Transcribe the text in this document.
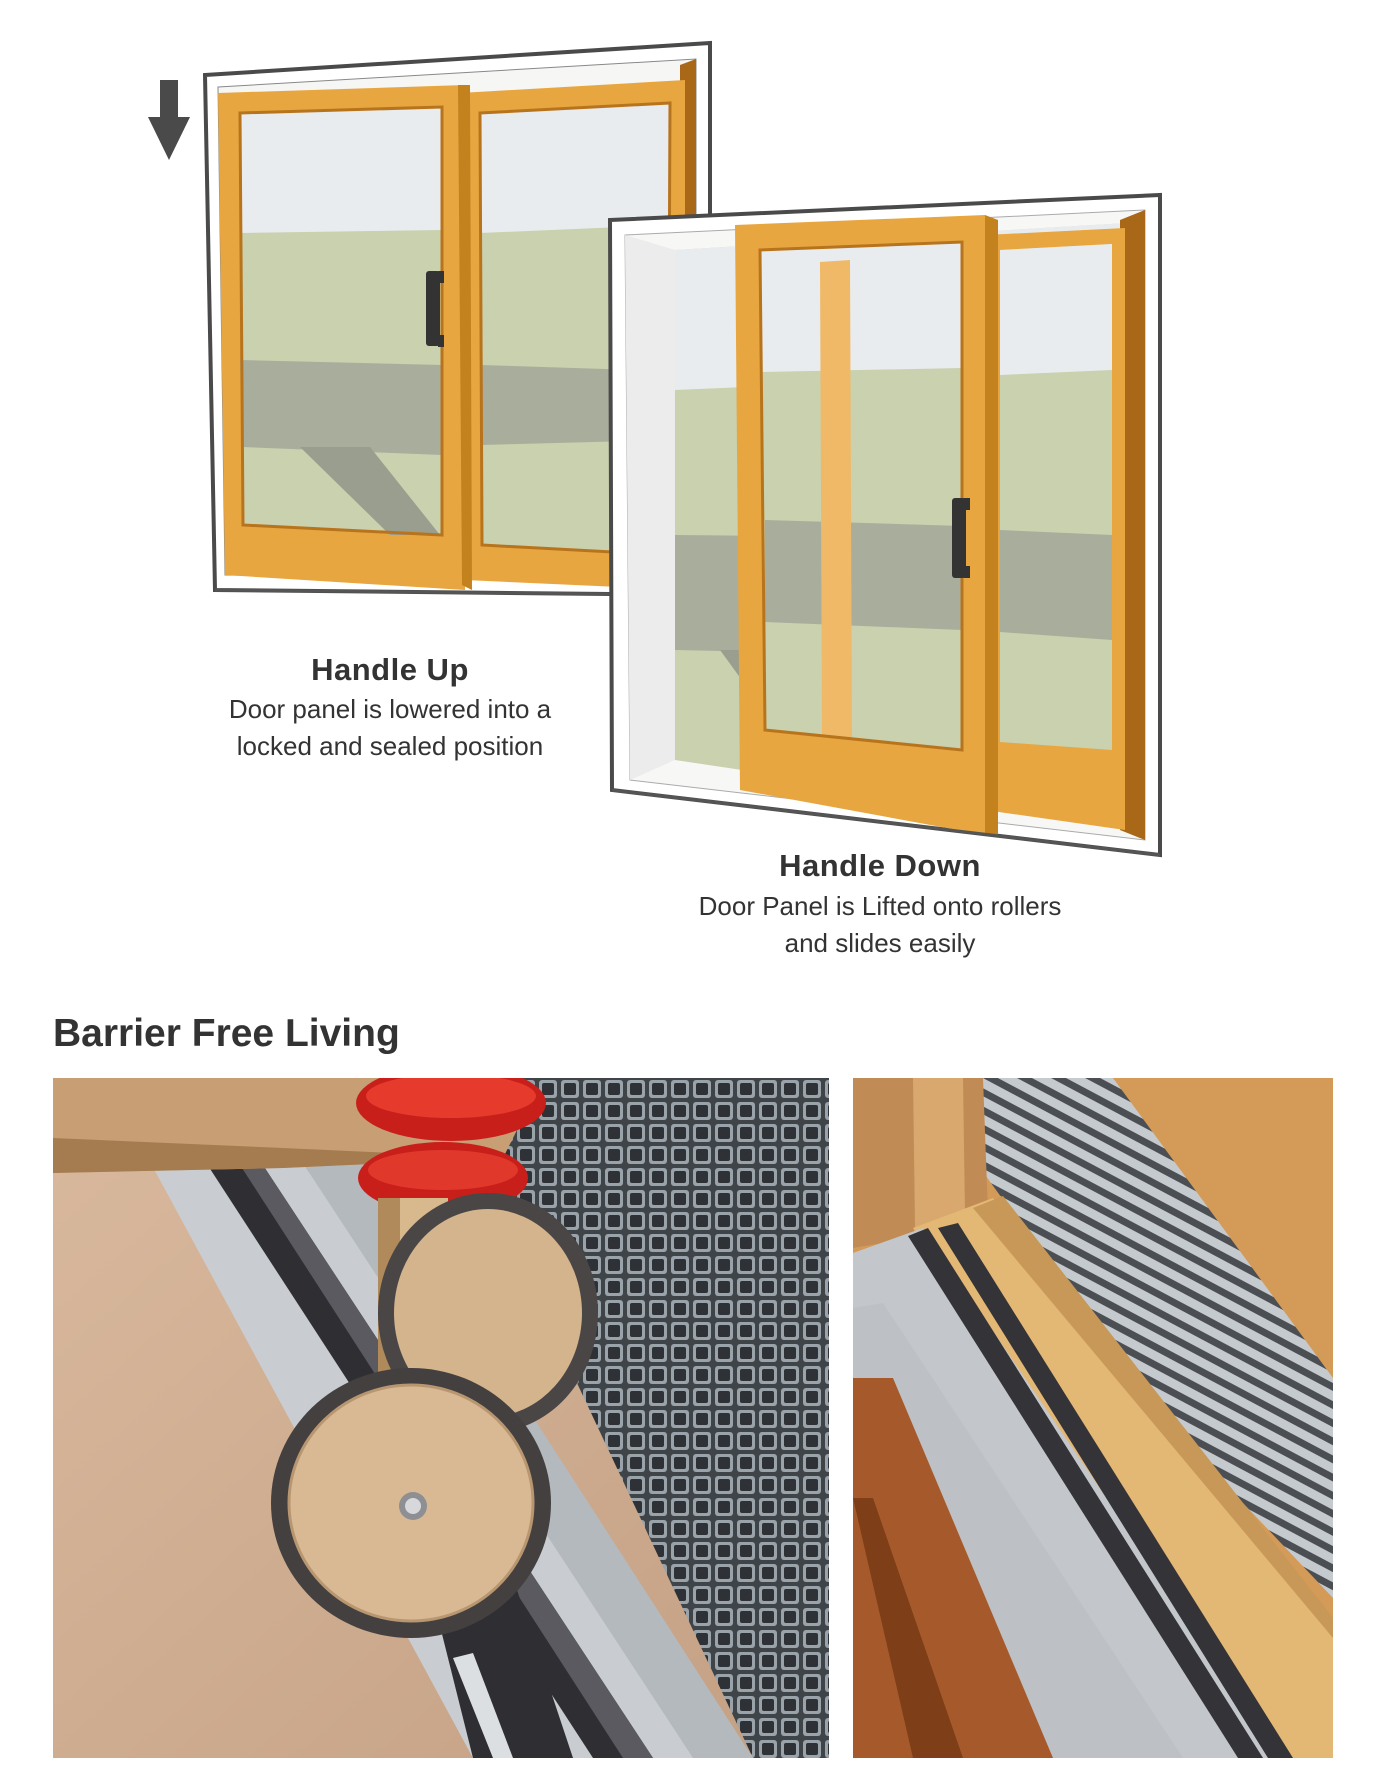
Handle Up
Door panel is lowered into a
locked and sealed position
Handle Down
Door Panel is Lifted onto rollers
and slides easily
Barrier Free Living
